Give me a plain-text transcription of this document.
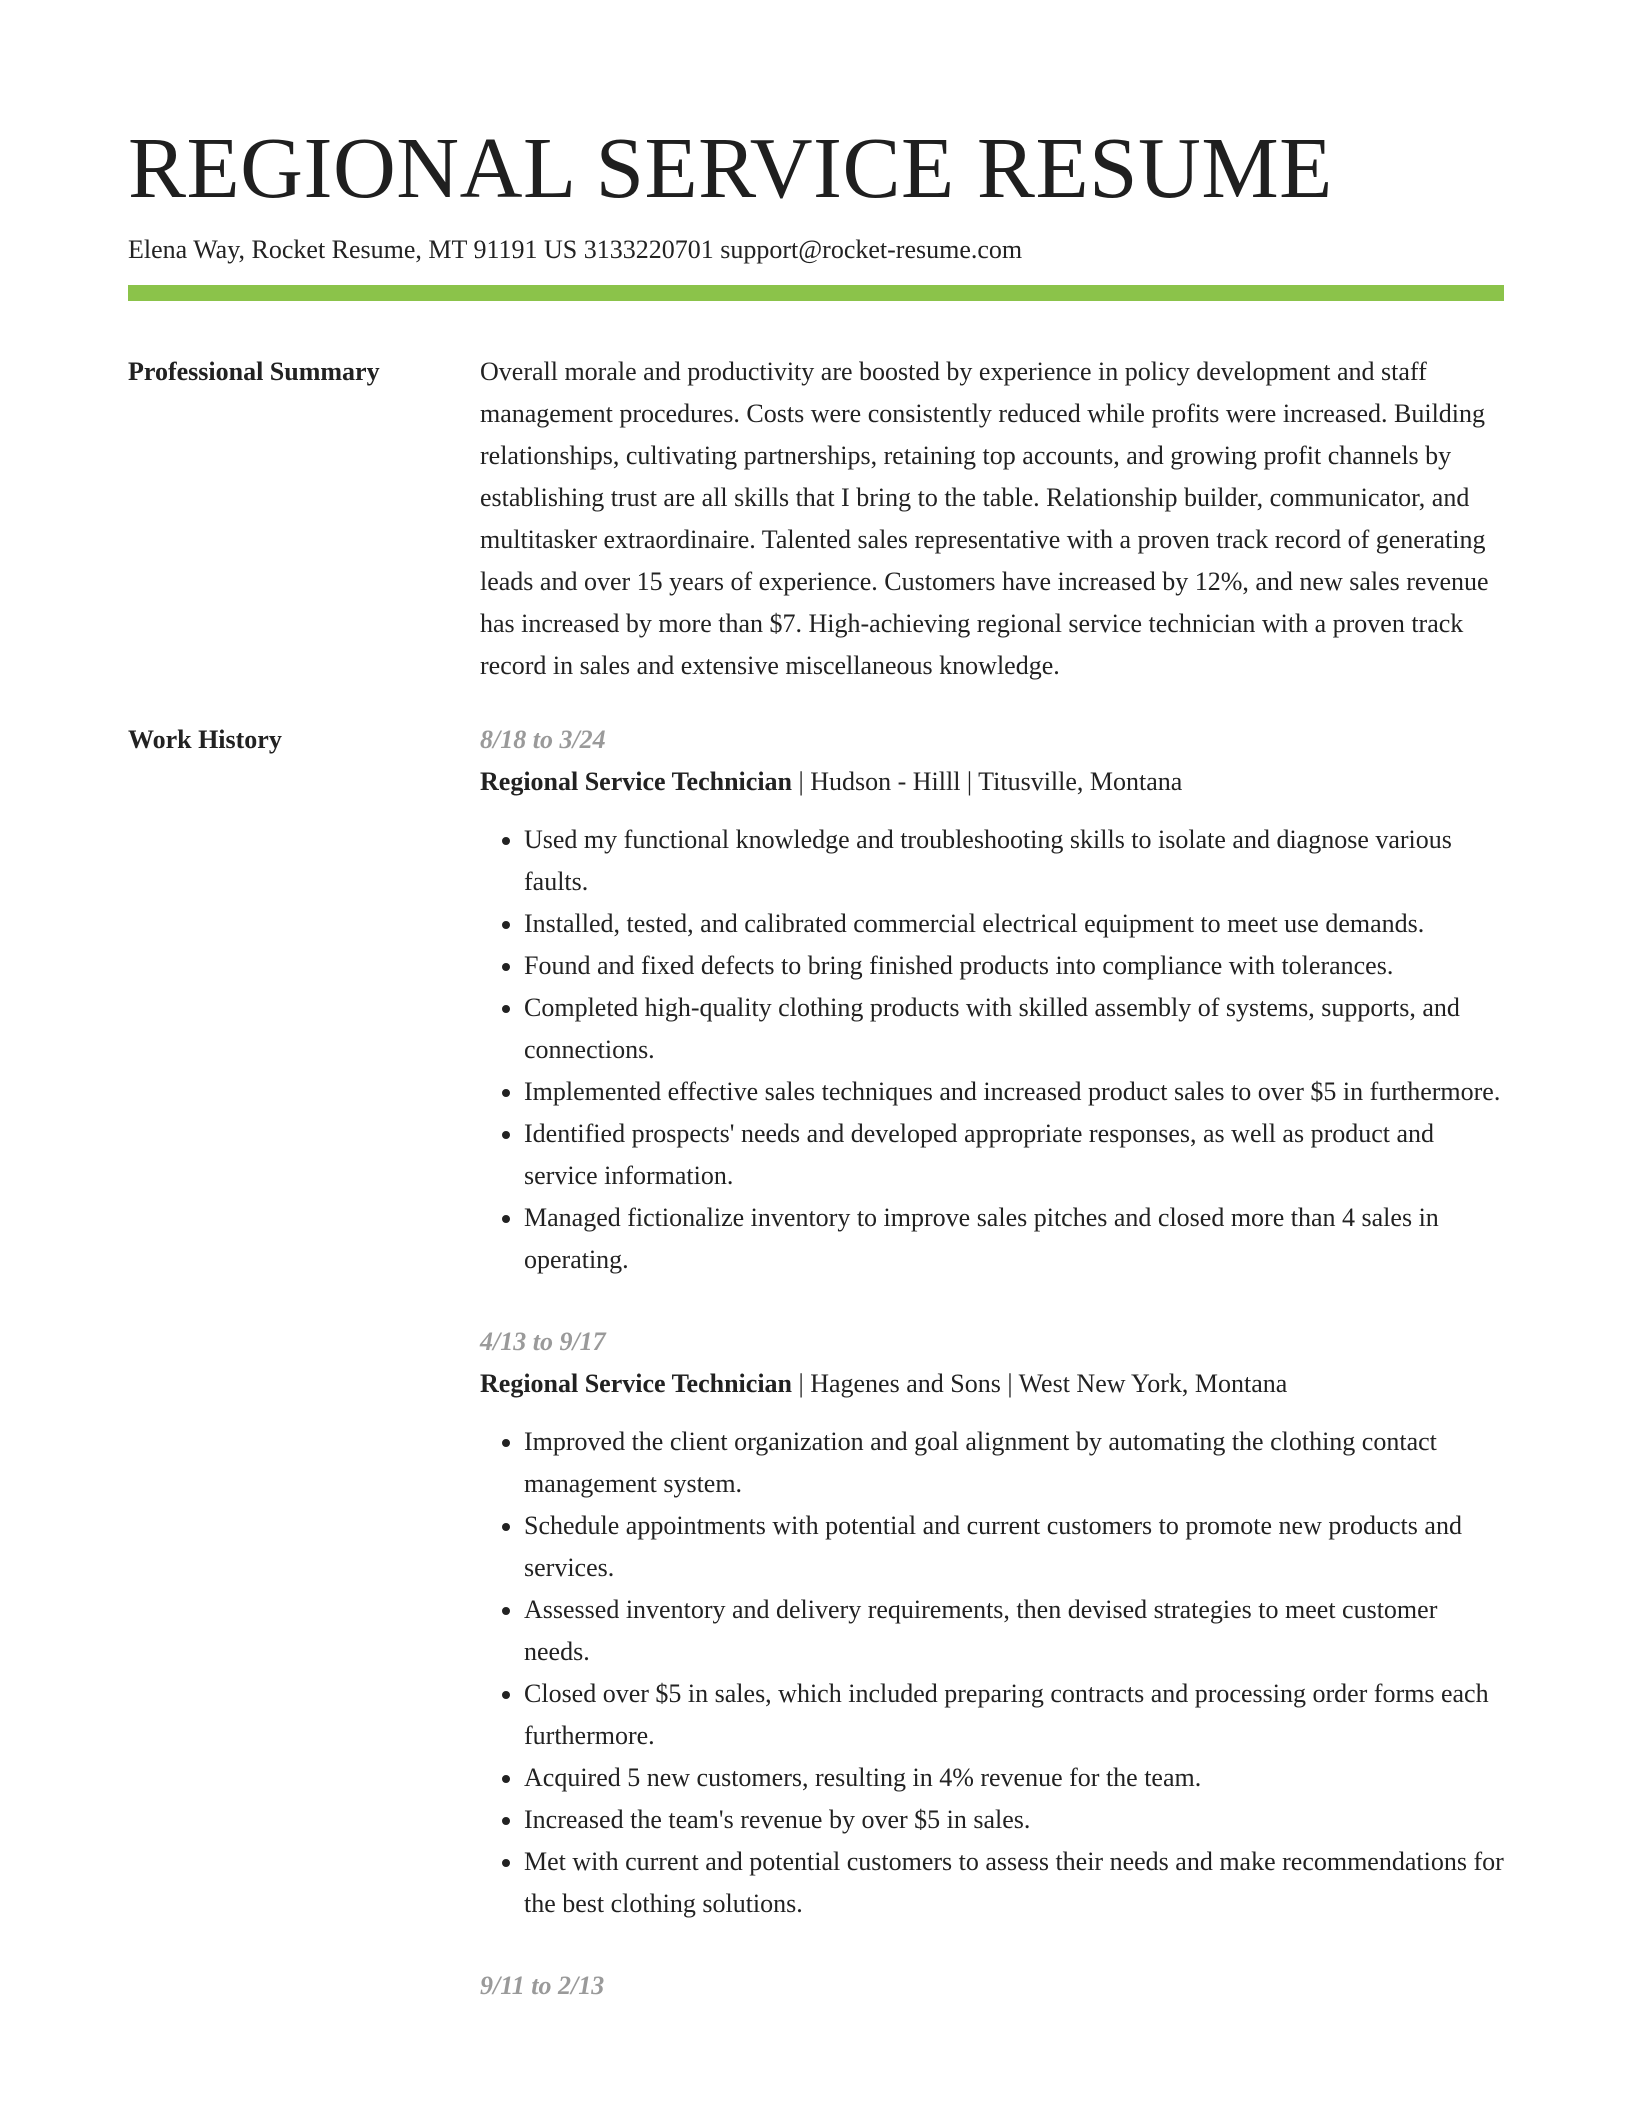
REGIONAL SERVICE RESUME
Elena Way, Rocket Resume, MT 91191 US 3133220701 support@rocket-resume.com
Professional Summary	Overall morale and productivity are boosted by experience in policy development and staff management procedures. Costs were consistently reduced while profits were increased. Building relationships, cultivating partnerships, retaining top accounts, and growing profit channels by establishing trust are all skills that I bring to the table. Relationship builder, communicator, and multitasker extraordinaire. Talented sales representative with a proven track record of generating leads and over 15 years of experience. Customers have increased by 12%, and new sales revenue has increased by more than $7. High-achieving regional service technician with a proven track record in sales and extensive miscellaneous knowledge.

Work History	8/18 to 3/24
Regional Service Technician | Hudson - Hilll | Titusville, Montana
• Used my functional knowledge and troubleshooting skills to isolate and diagnose various faults.
• Installed, tested, and calibrated commercial electrical equipment to meet use demands.
• Found and fixed defects to bring finished products into compliance with tolerances.
• Completed high-quality clothing products with skilled assembly of systems, supports, and connections.
• Implemented effective sales techniques and increased product sales to over $5 in furthermore.
• Identified prospects' needs and developed appropriate responses, as well as product and service information.
• Managed fictionalize inventory to improve sales pitches and closed more than 4 sales in operating.
4/13 to 9/17
Regional Service Technician | Hagenes and Sons | West New York, Montana
• Improved the client organization and goal alignment by automating the clothing contact management system.
• Schedule appointments with potential and current customers to promote new products and services.
• Assessed inventory and delivery requirements, then devised strategies to meet customer needs.
• Closed over $5 in sales, which included preparing contracts and processing order forms each furthermore.
• Acquired 5 new customers, resulting in 4% revenue for the team.
• Increased the team's revenue by over $5 in sales.
• Met with current and potential customers to assess their needs and make recommendations for the best clothing solutions.
9/11 to 2/13
